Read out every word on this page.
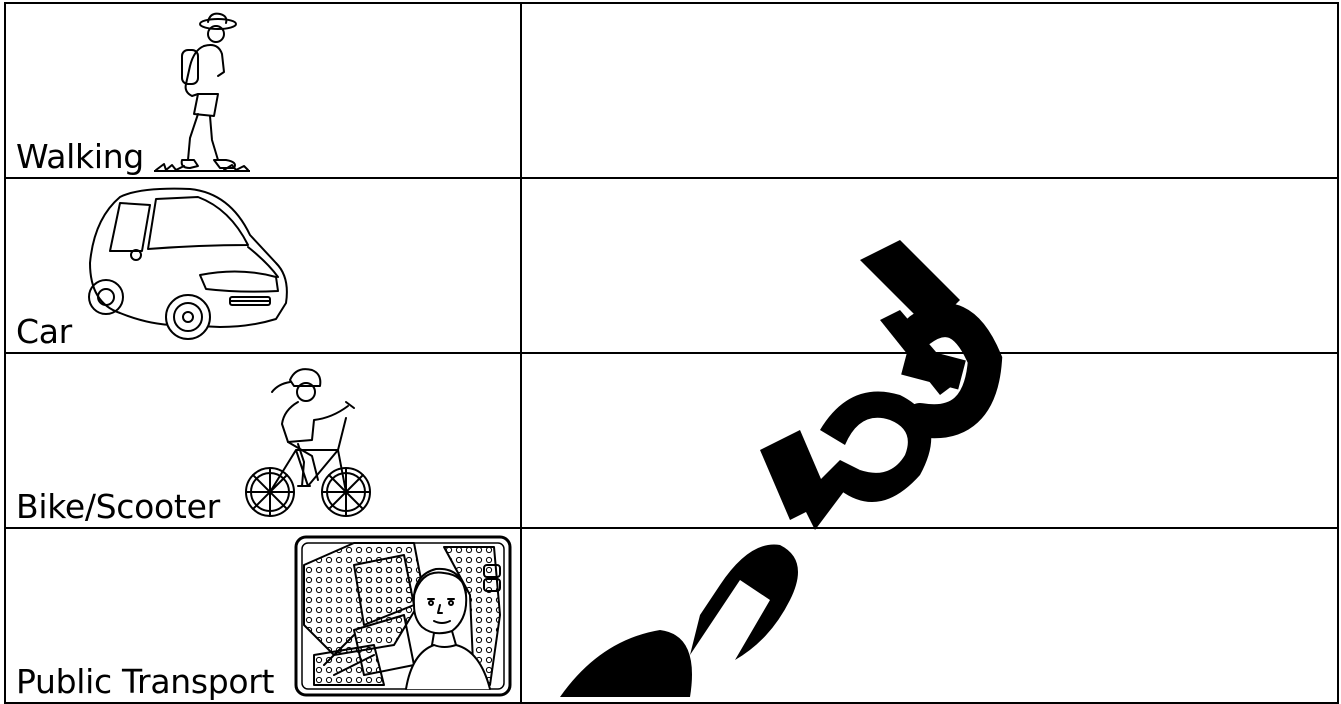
Walking	

Car	

Bike/Scooter	

Public Transport	
